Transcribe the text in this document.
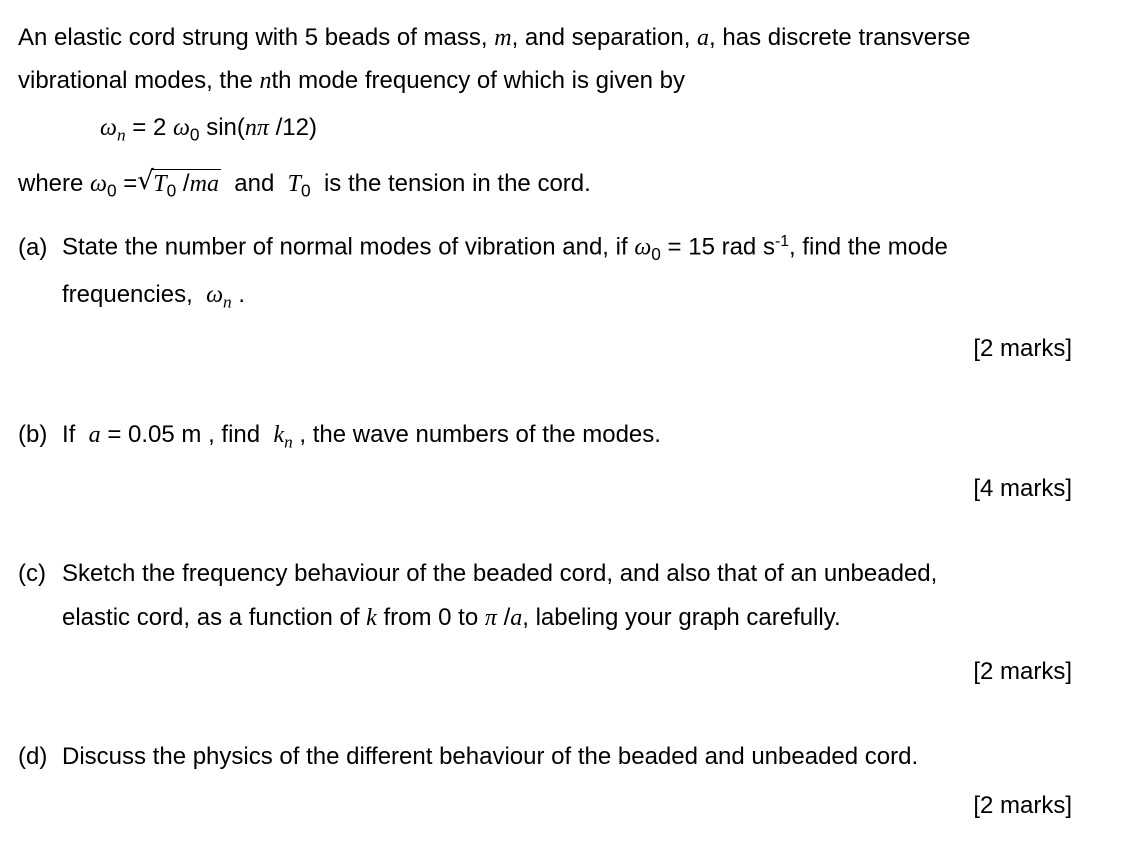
An elastic cord strung with 5 beads of mass, m, and separation, a, has discrete transverse
vibrational modes, the nth mode frequency of which is given by
$\omega_n = 2$ $\omega_0$ sin(nπ /12)
where $\omega_0$ = √ $T_0$ /ma  and  $T_0$  is the tension in the cord.
(a) State the number of normal modes of vibration and, if $\omega_0 = 15$ rad $s^{-1}$, find the mode
frequencies,  $\omega_n$ .
[2 marks]
(b) If  a = 0.05 m , find  $k_n$ , the wave numbers of the modes.
[4 marks]
(c) Sketch the frequency behaviour of the beaded cord, and also that of an unbeaded,
elastic cord, as a function of k from 0 to π /a, labeling your graph carefully.
[2 marks]
(d) Discuss the physics of the different behaviour of the beaded and unbeaded cord.
[2 marks]
